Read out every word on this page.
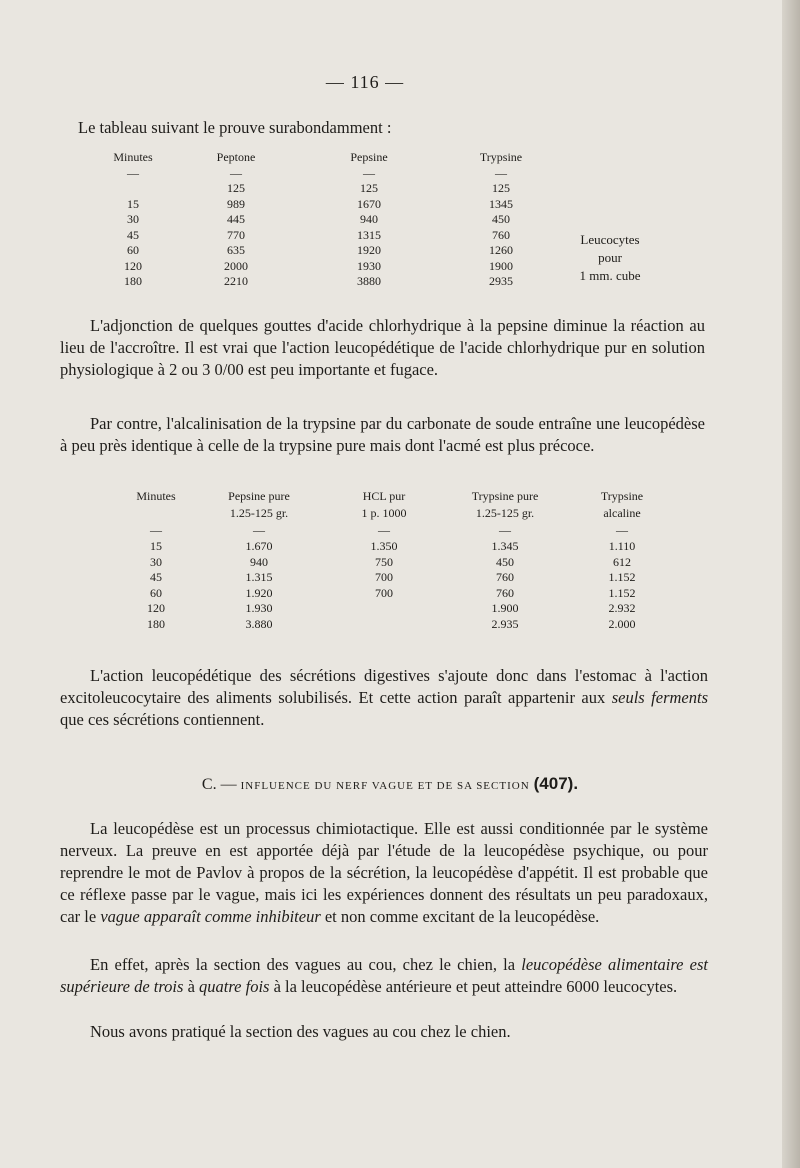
— 116 —

Le tableau suivant le prouve surabondamment :

Minutes	Peptone	Pepsine	Trypsine
—	—	—	—
	125	125	125
15	989	1670	1345
30	445	940	450
45	770	1315	760
60	635	1920	1260
120	2000	1930	1900
180	2210	3880	2935
Leucocytes
pour
1 mm. cube

L'adjonction de quelques gouttes d'acide chlorhydrique à la pepsine diminue la réaction au lieu de l'accroître. Il est vrai que l'action leucopédétique de l'acide chlorhydrique pur en solution physiologique à 2 ou 3 0/00 est peu importante et fugace.

Par contre, l'alcalinisation de la trypsine par du carbonate de soude entraîne une leucopédèse à peu près identique à celle de la trypsine pure mais dont l'acmé est plus précoce.

Minutes	Pepsine pure	HCL pur	Trypsine pure	Trypsine
	1.25-125 gr.	1 p. 1000	1.25-125 gr.	alcaline
—	—	—	—	—
15	1.670	1.350	1.345	1.110
30	940	750	450	612
45	1.315	700	760	1.152
60	1.920	700	760	1.152
120	1.930		1.900	2.932
180	3.880		2.935	2.000

L'action leucopédétique des sécrétions digestives s'ajoute donc dans l'estomac à l'action excitoleucocytaire des aliments solubilisés. Et cette action paraît appartenir aux seuls ferments que ces sécrétions contiennent.

C. — INFLUENCE DU NERF VAGUE ET DE SA SECTION (407).

La leucopédèse est un processus chimiotactique. Elle est aussi conditionnée par le système nerveux. La preuve en est apportée déjà par l'étude de la leucopédèse psychique, ou pour reprendre le mot de Pavlov à propos de la sécrétion, la leucopédèse d'appétit. Il est probable que ce réflexe passe par le vague, mais ici les expériences donnent des résultats un peu paradoxaux, car le vague apparaît comme inhibiteur et non comme excitant de la leucopédèse.

En effet, après la section des vagues au cou, chez le chien, la leucopédèse alimentaire est supérieure de trois à quatre fois à la leucopédèse antérieure et peut atteindre 6000 leucocytes.

Nous avons pratiqué la section des vagues au cou chez le chien.
